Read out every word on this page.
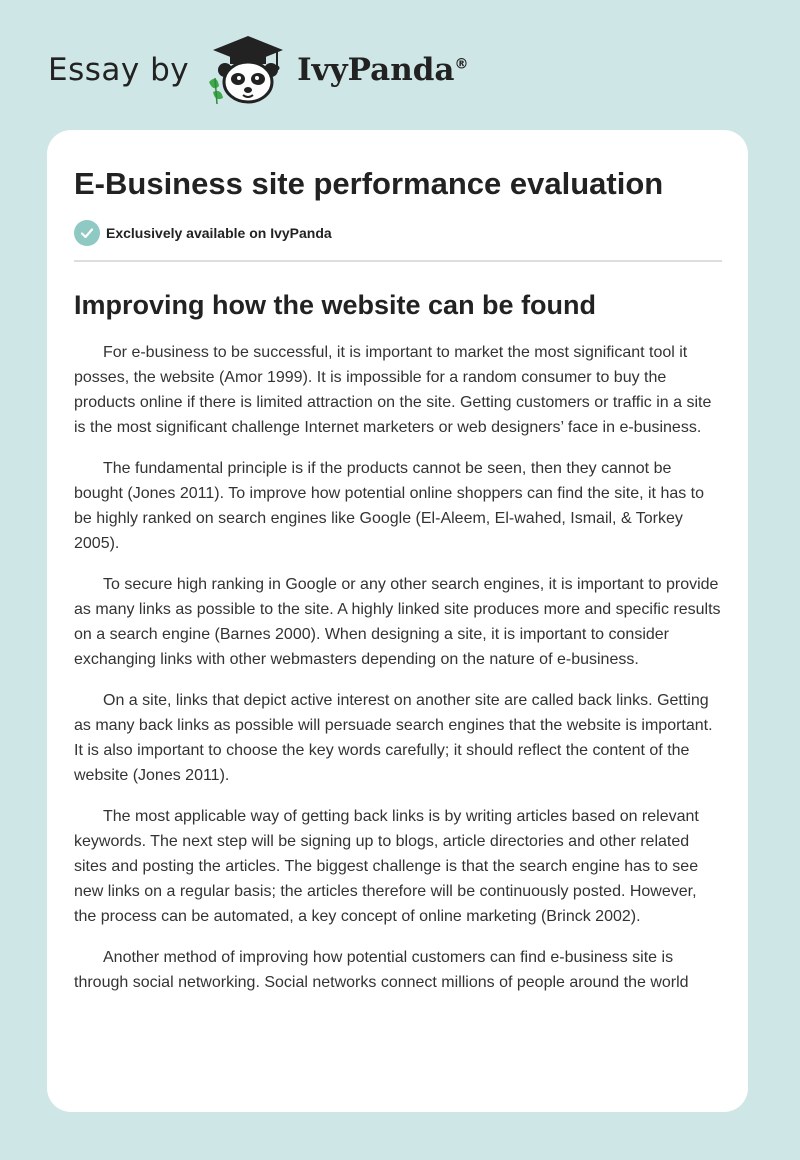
Essay by	IvyPanda®
E-Business site performance evaluation
Exclusively available on IvyPanda
Improving how the website can be found

For e-business to be successful, it is important to market the most significant tool it posses, the website (Amor 1999). It is impossible for a random consumer to buy the products online if there is limited attraction on the site. Getting customers or traffic in a site is the most significant challenge Internet marketers or web designers’ face in e-business.

The fundamental principle is if the products cannot be seen, then they cannot be bought (Jones 2011). To improve how potential online shoppers can find the site, it has to be highly ranked on search engines like Google (El-Aleem, El-wahed, Ismail, & Torkey 2005).

To secure high ranking in Google or any other search engines, it is important to provide as many links as possible to the site. A highly linked site produces more and specific results on a search engine (Barnes 2000). When designing a site, it is important to consider exchanging links with other webmasters depending on the nature of e-business.

On a site, links that depict active interest on another site are called back links. Getting as many back links as possible will persuade search engines that the website is important. It is also important to choose the key words carefully; it should reflect the content of the website (Jones 2011).

The most applicable way of getting back links is by writing articles based on relevant keywords. The next step will be signing up to blogs, article directories and other related sites and posting the articles. The biggest challenge is that the search engine has to see new links on a regular basis; the articles therefore will be continuously posted. However, the process can be automated, a key concept of online marketing (Brinck 2002).

Another method of improving how potential customers can find e-business site is through social networking. Social networks connect millions of people around the world
